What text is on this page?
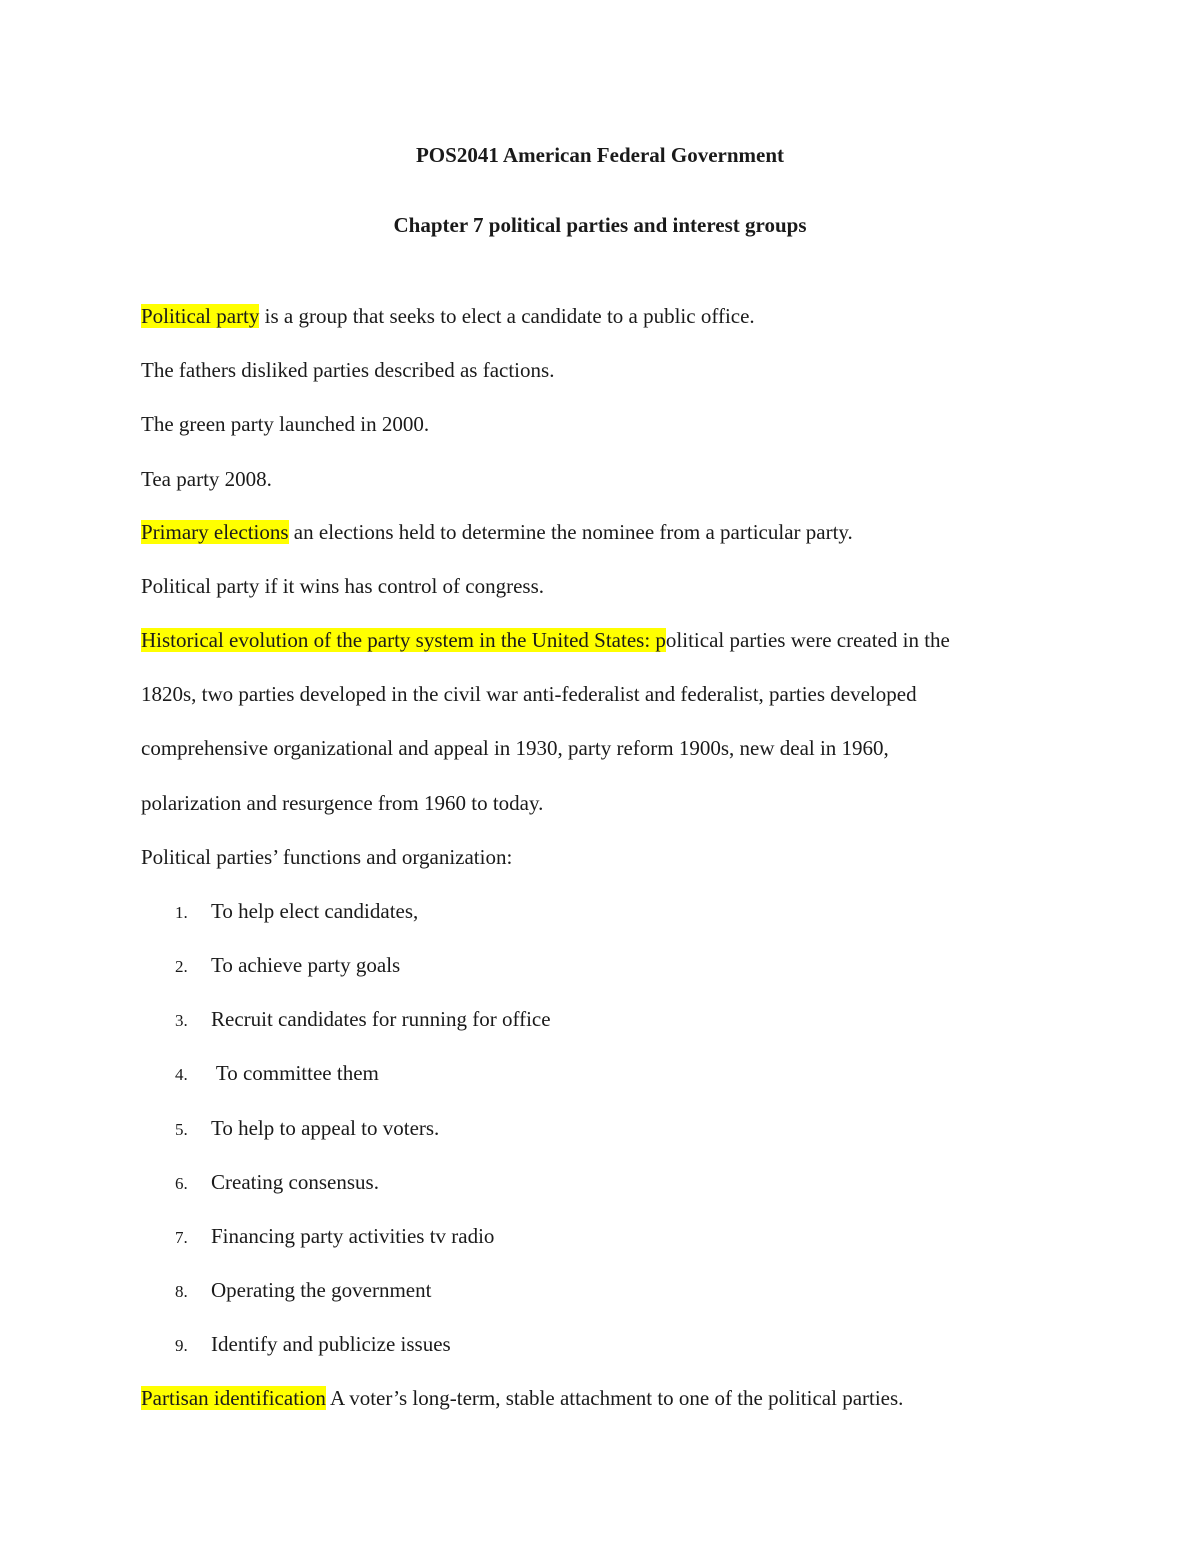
POS2041 American Federal Government
Chapter 7 political parties and interest groups

Political party is a group that seeks to elect a candidate to a public office.

The fathers disliked parties described as factions.

The green party launched in 2000.

Tea party 2008.

Primary elections an elections held to determine the nominee from a particular party.

Political party if it wins has control of congress.

Historical evolution of the party system in the United States: political parties were created in the

1820s, two parties developed in the civil war anti-federalist and federalist, parties developed

comprehensive organizational and appeal in 1930, party reform 1900s, new deal in 1960,

polarization and resurgence from 1960 to today.

Political parties’ functions and organization:

1. To help elect candidates,
2. To achieve party goals
3. Recruit candidates for running for office
4. To committee them
5. To help to appeal to voters.
6. Creating consensus.
7. Financing party activities tv radio
8. Operating the government
9. Identify and publicize issues

Partisan identification A voter’s long-term, stable attachment to one of the political parties.
